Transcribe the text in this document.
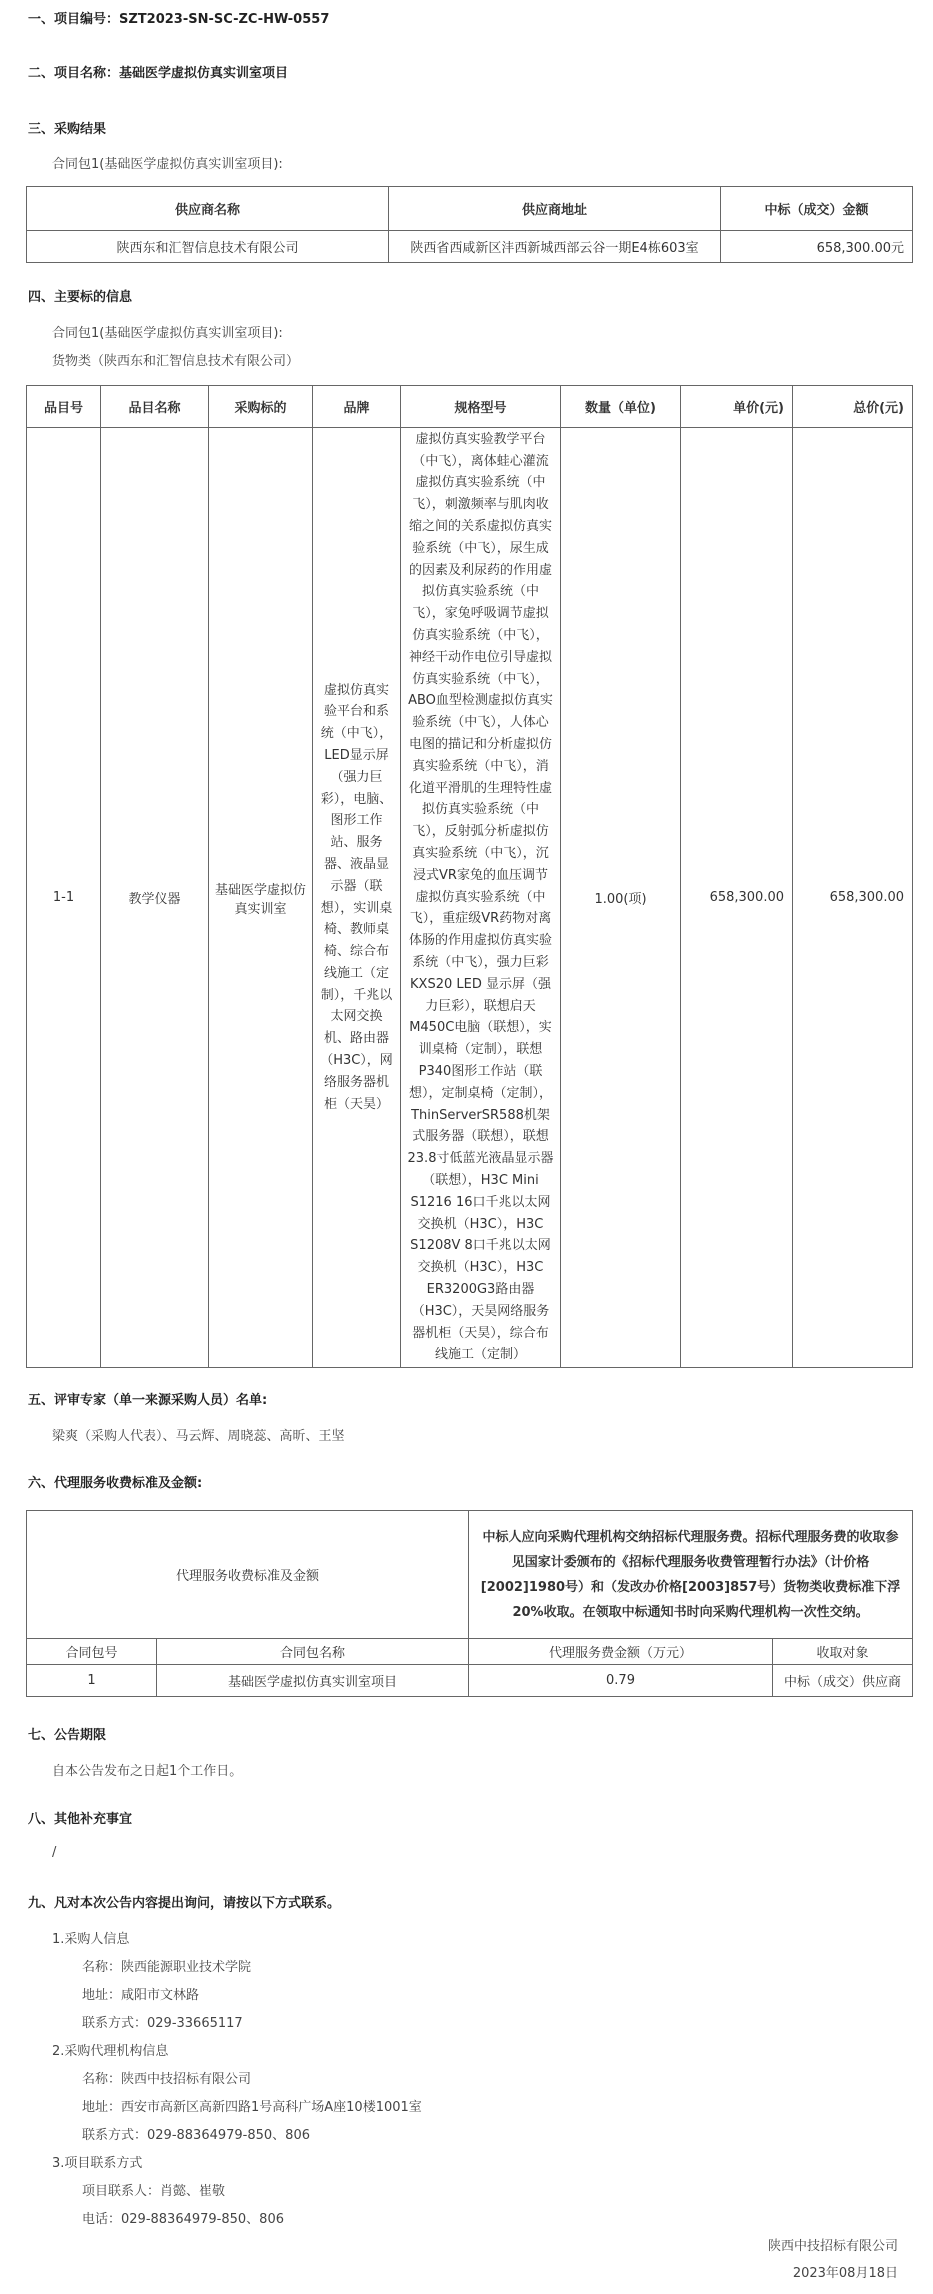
一、项目编号：SZT2023-SN-SC-ZC-HW-0557
二、项目名称：基础医学虚拟仿真实训室项目
三、采购结果
合同包1(基础医学虚拟仿真实训室项目):
供应商名称	供应商地址	中标（成交）金额
陕西东和汇智信息技术有限公司	陕西省西咸新区沣西新城西部云谷一期E4栋603室	658,300.00元
四、主要标的信息
合同包1(基础医学虚拟仿真实训室项目):
货物类（陕西东和汇智信息技术有限公司）
品目号	品目名称	采购标的	品牌	规格型号	数量（单位)	单价(元)	总价(元)
1-1	教学仪器	基础医学虚拟仿真实训室	虚拟仿真实验平台和系统（中飞），LED显示屏（强力巨彩），电脑、图形工作站、服务器、液晶显示器（联想），实训桌椅、教师桌椅、综合布线施工（定制），千兆以太网交换机、路由器（H3C），网络服务器机柜（天昊）	虚拟仿真实验教学平台（中飞），离体蛙心灌流虚拟仿真实验系统（中飞），刺激频率与肌肉收缩之间的关系虚拟仿真实验系统（中飞），尿生成的因素及利尿药的作用虚拟仿真实验系统（中飞），家兔呼吸调节虚拟仿真实验系统（中飞），神经干动作电位引导虚拟仿真实验系统（中飞），ABO血型检测虚拟仿真实验系统（中飞），人体心电图的描记和分析虚拟仿真实验系统（中飞），消化道平滑肌的生理特性虚拟仿真实验系统（中飞），反射弧分析虚拟仿真实验系统（中飞），沉浸式VR家兔的血压调节虚拟仿真实验系统（中飞），重症级VR药物对离体肠的作用虚拟仿真实验系统（中飞），强力巨彩KXS20 LED 显示屏（强力巨彩），联想启天M450C电脑（联想），实训桌椅（定制），联想P340图形工作站（联想），定制桌椅（定制），ThinServerSR588机架式服务器（联想），联想23.8寸低蓝光液晶显示器（联想），H3C Mini S1216 16口千兆以太网交换机（H3C），H3C S1208V 8口千兆以太网交换机（H3C），H3C ER3200G3路由器（H3C），天昊网络服务器机柜（天昊），综合布线施工（定制）	1.00(项)	658,300.00	658,300.00
五、评审专家（单一来源采购人员）名单:
梁爽（采购人代表）、马云辉、周晓蕊、高昕、王坚
六、代理服务收费标准及金额:
代理服务收费标准及金额		中标人应向采购代理机构交纳招标代理服务费。招标代理服务费的收取参见国家计委颁布的《招标代理服务收费管理暂行办法》（计价格[2002]1980号）和（发改办价格[2003]857号）货物类收费标准下浮20%收取。在领取中标通知书时向采购代理机构一次性交纳。	
合同包号	合同包名称	代理服务费金额（万元）	收取对象
1	基础医学虚拟仿真实训室项目	0.79	中标（成交）供应商
七、公告期限
自本公告发布之日起1个工作日。
八、其他补充事宜
/
九、凡对本次公告内容提出询问，请按以下方式联系。
1.采购人信息
名称：陕西能源职业技术学院
地址：咸阳市文林路
联系方式：029-33665117
2.采购代理机构信息
名称：陕西中技招标有限公司
地址：西安市高新区高新四路1号高科广场A座10楼1001室
联系方式：029-88364979-850、806
3.项目联系方式
项目联系人：肖懿、崔敬
电话：029-88364979-850、806
陕西中技招标有限公司
2023年08月18日
